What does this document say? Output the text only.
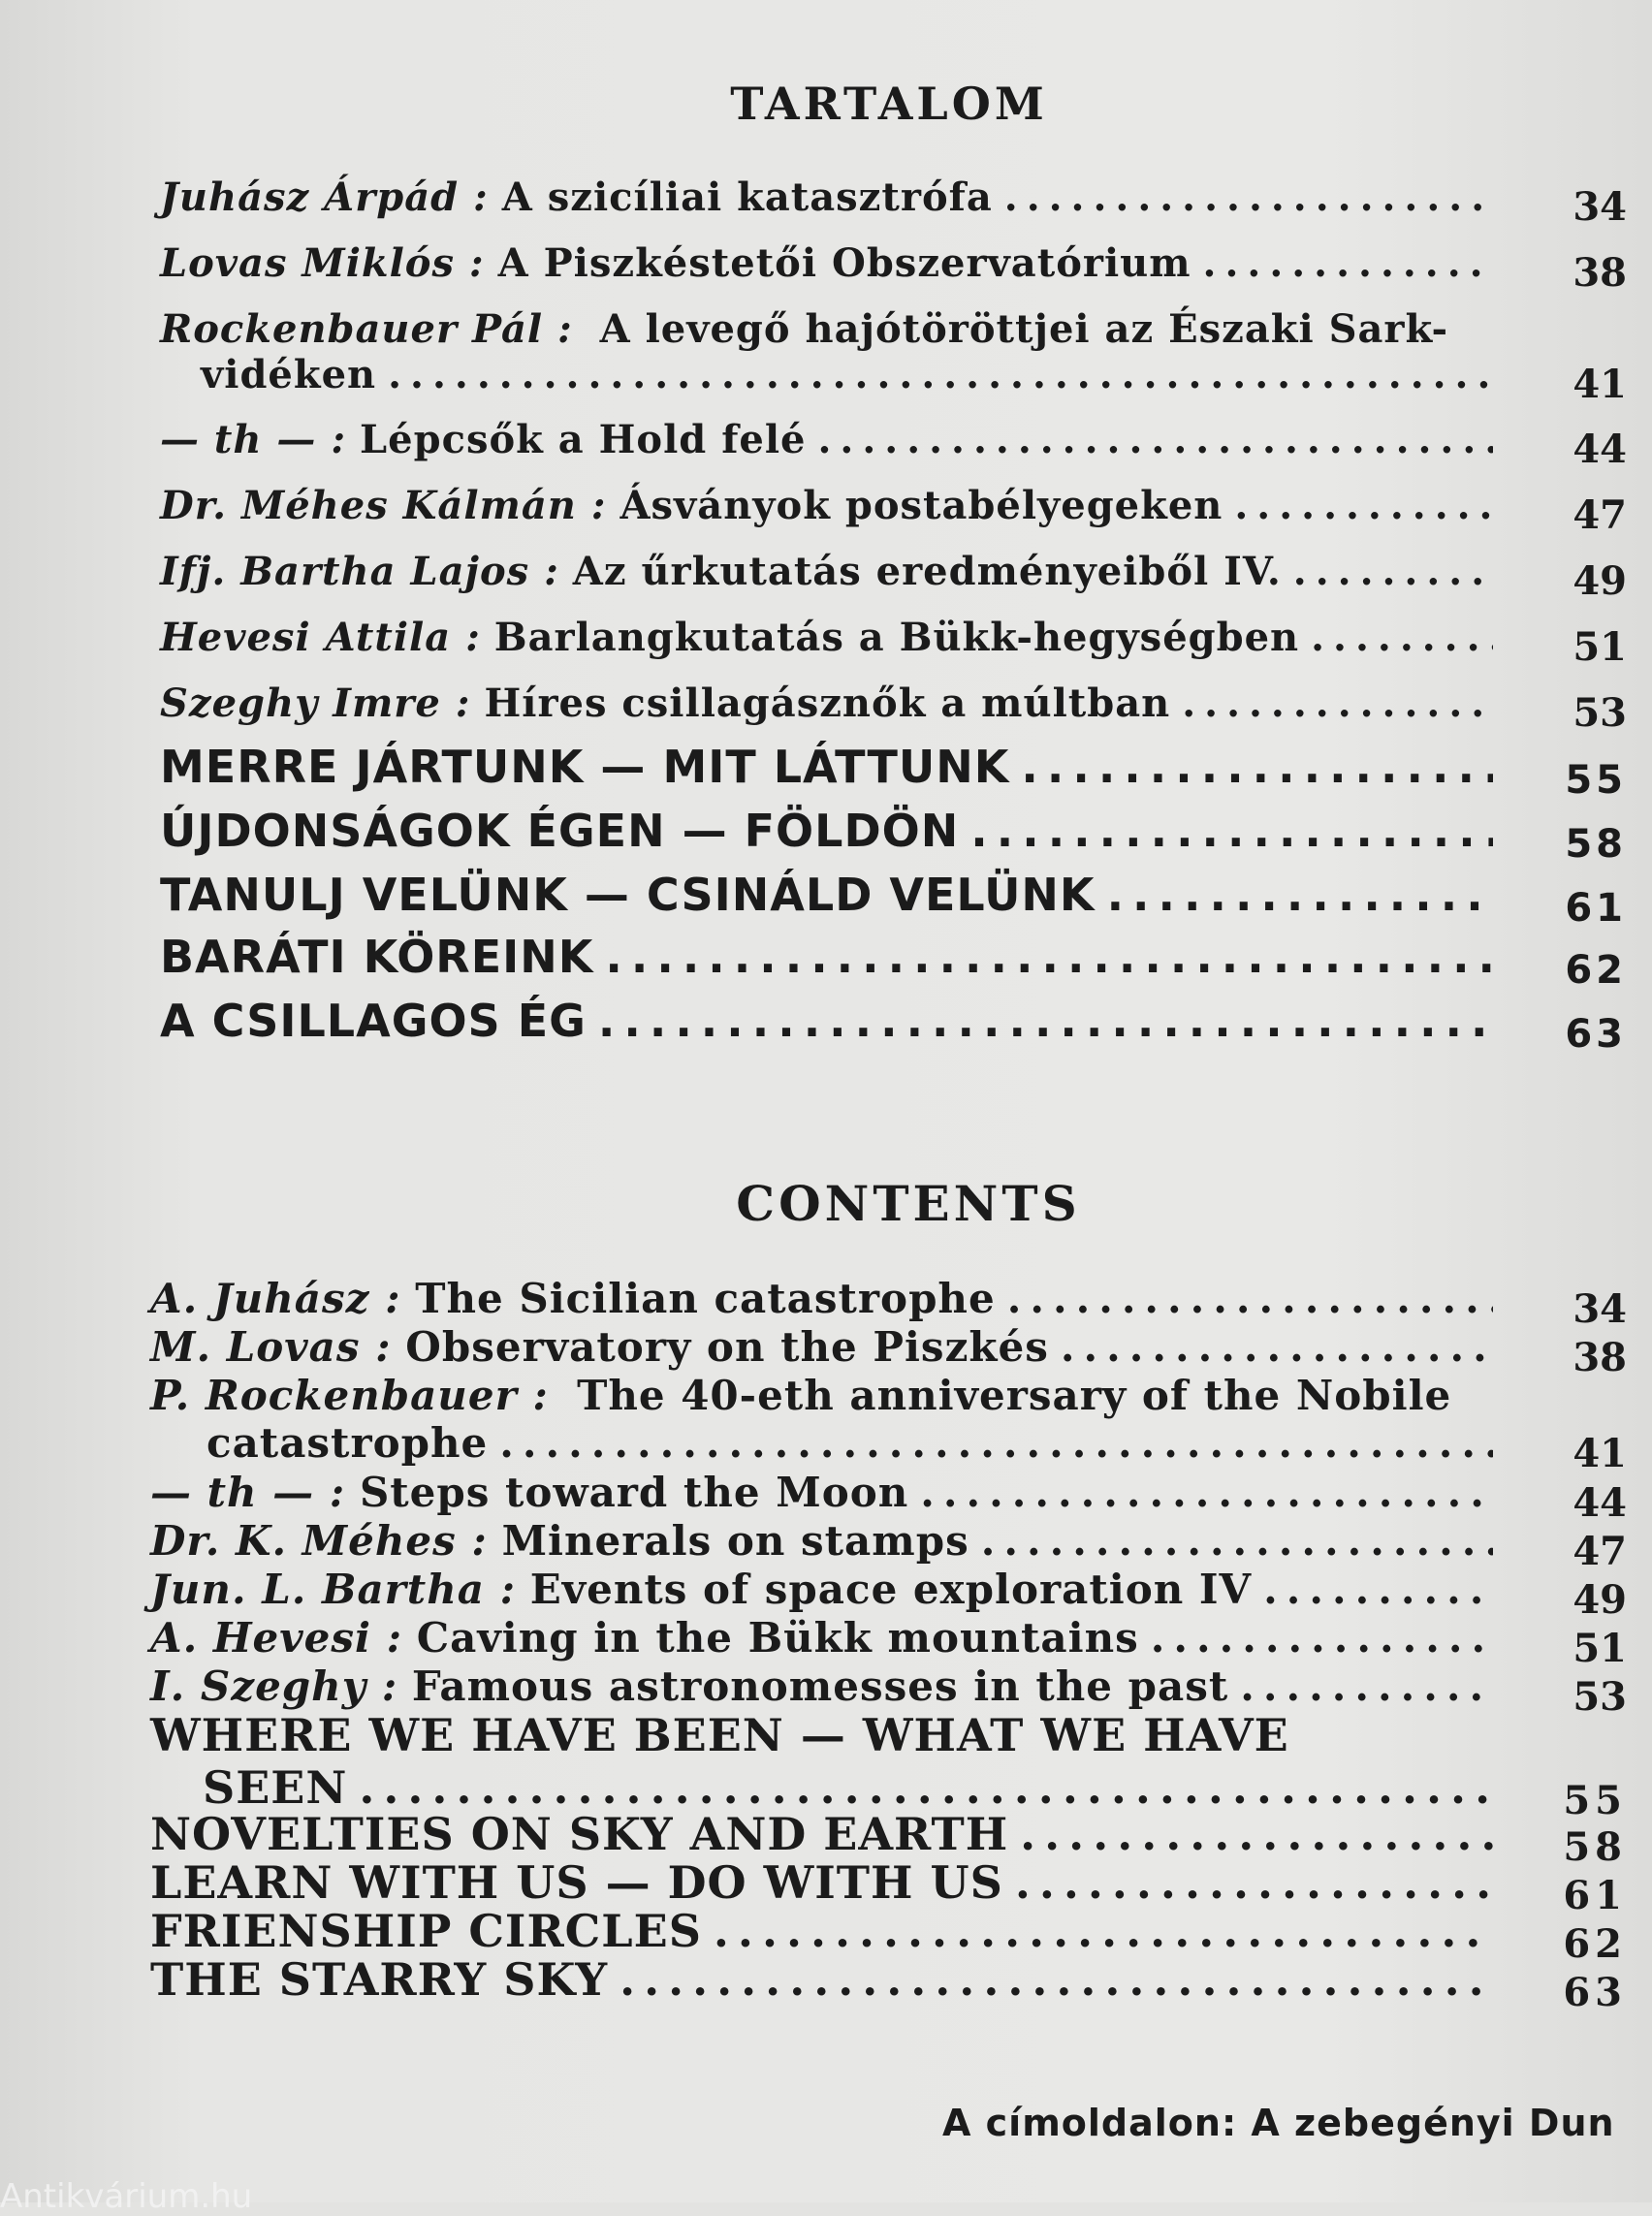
TARTALOM
Juhász Árpád :
A szicíliai katasztrófa .....	34
Lovas Miklós :
A Piszkéstetői Obszervatórium .....	38
Rockenbauer Pál : A levegő hajótöröttjei az Északi Sark-
vidéken .....	41
— th — :
Lépcsők a Hold felé .....	44
Dr. Méhes Kálmán :
Ásványok postabélyegeken .....	47
Ifj. Bartha Lajos :
Az űrkutatás eredményeiből IV. .....	49
Hevesi Attila :
Barlangkutatás a Bükk-hegységben .....	51
Szeghy Imre :
Híres csillagásznők a múltban .....	53
MERRE JÁRTUNK — MIT LÁTTUNK .....	55
ÚJDONSÁGOK ÉGEN — FÖLDÖN .....	58
TANULJ VELÜNK — CSINÁLD VELÜNK .....	61
BARÁTI KÖREINK .....	62
A CSILLAGOS ÉG .....	63
CONTENTS
A. Juhász :
The Sicilian catastrophe .....	34
M. Lovas :
Observatory on the Piszkés .....	38
P. Rockenbauer : The 40-eth anniversary of the Nobile
catastrophe .....	41
— th — :
Steps toward the Moon .....	44
Dr. K. Méhes :
Minerals on stamps .....	47
Jun. L. Bartha :
Events of space exploration IV .....	49
A. Hevesi :
Caving in the Bükk mountains .....	51
I. Szeghy :
Famous astronomesses in the past .....	53
WHERE WE HAVE BEEN — WHAT WE HAVE
SEEN .....	55
NOVELTIES ON SKY AND EARTH .....	58
LEARN WITH US — DO WITH US .....	61
FRIENSHIP CIRCLES .....	62
THE STARRY SKY .....	63
A címoldalon: A zebegényi Dun
Antikvárium.hu
